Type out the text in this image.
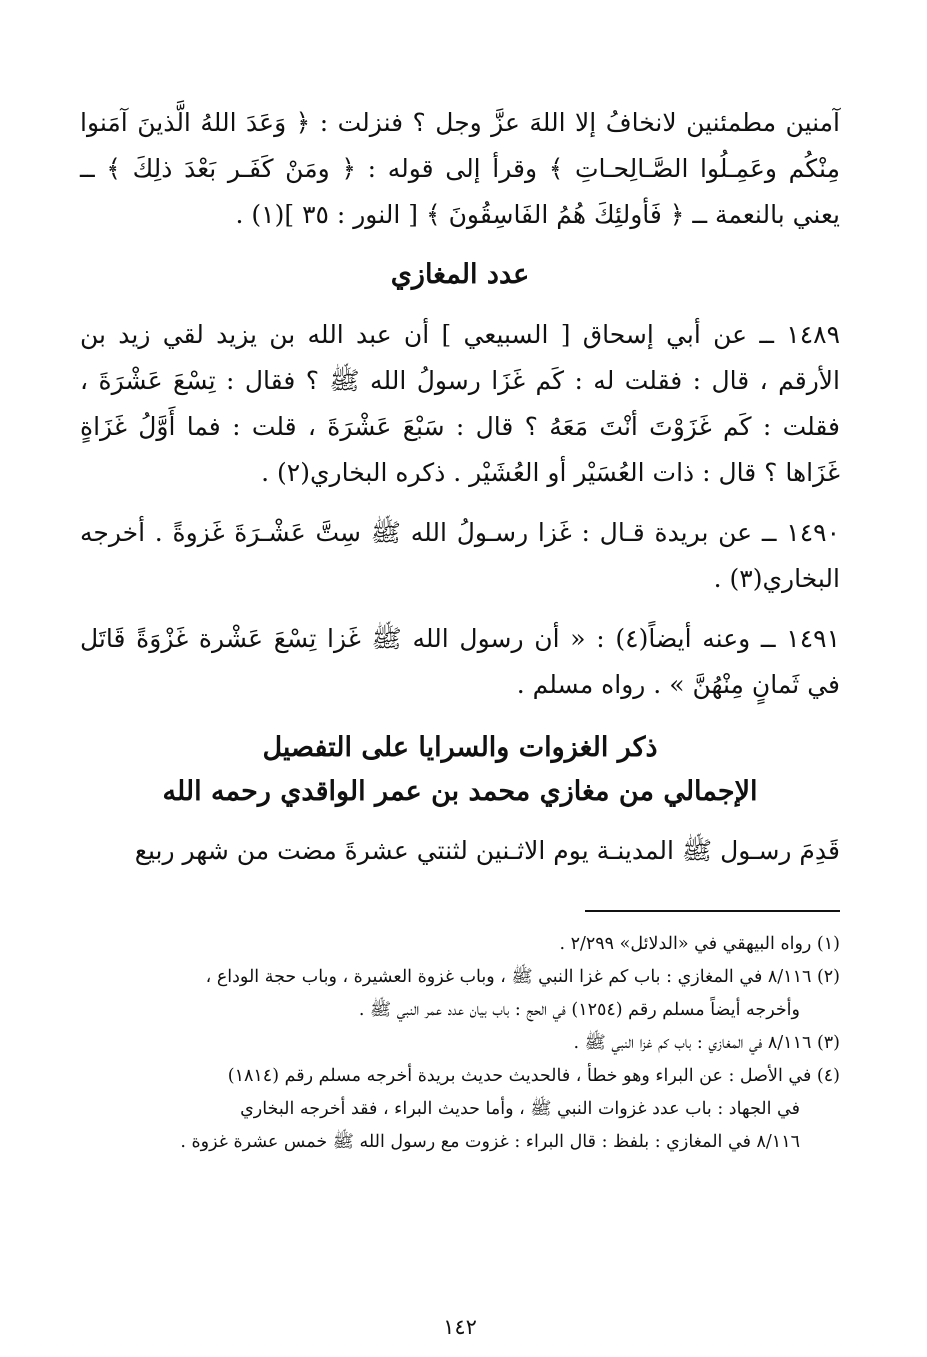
آمنين مطمئنين لانخافُ إلا اللهَ عزَّ وجل ؟ فنزلت : ﴿ وَعَدَ اللهُ الَّذينَ آمَنوا مِنْكُم وعَمِـلُوا الصَّـالِحـاتِ ﴾ وقرأ إلى قوله : ﴿ ومَنْ كَفَـر بَعْدَ ذلِكَ ﴾ ــ يعني بالنعمة ــ ﴿ فَأولئِكَ هُمُ الفَاسِقُونَ ﴾ [ النور : ٣٥ ](١) .

عدد المغازي

١٤٨٩ ــ عن أبي إسحاق [ السبيعي ] أن عبد الله بن يزيد لقي زيد بن الأرقم ، قال : فقلت له : كَم غَزَا رسولُ الله ﷺ ؟ فقال : تِسْعَ عَشْرَةَ ، فقلت : كَم غَزَوْتَ أنْتَ مَعَهُ ؟ قال : سَبْعَ عَشْرَةَ ، قلت : فما أَوَّلُ غَزَاةٍ غَزَاها ؟ قال : ذات العُسَيْر أو العُشَيْر . ذكره البخاري(٢) .

١٤٩٠ ــ عن بريدة قـال : غَزا رسـولُ الله ﷺ سِتَّ عَشْـرَةَ غَزوةً . أخرجه البخاري(٣) .

١٤٩١ ــ وعنه أيضاً(٤) : « أن رسول الله ﷺ غَزا تِسْعَ عَشْرة غَزْوَةً قَاتَل في ثَمانٍ مِنْهُنَّ » . رواه مسلم .

ذكر الغزوات والسرايا على التفصيل
الإجمالي من مغازي محمد بن عمر الواقدي رحمه الله

قَدِمَ رسـول ﷺ المدينـة يوم الاثـنين لثنتي عشرةَ مضت من شهر ربيع

(١) رواه البيهقي في «الدلائل» ٢/٢٩٩ .

(٢) ٨/١١٦ في المغازي : باب كم غزا النبي ﷺ ، وباب غزوة العشيرة ، وباب حجة الوداع ،
وأخرجه أيضاً مسلم رقم (١٢٥٤) في الحج : باب بيان عدد عمر النبي ﷺ .

(٣) ٨/١١٦ في المغازي : باب كم غزا النبي ﷺ .

(٤) في الأصل : عن البراء وهو خطأ ، فالحديث حديث بريدة أخرجه مسلم رقم (١٨١٤)
في الجهاد : باب عدد غزوات النبي ﷺ ، وأما حديث البراء ، فقد أخرجه البخاري
٨/١١٦ في المغازي : بلفظ : قال البراء : غزوت مع رسول الله ﷺ خمس عشرة غزوة .

١٤٢
